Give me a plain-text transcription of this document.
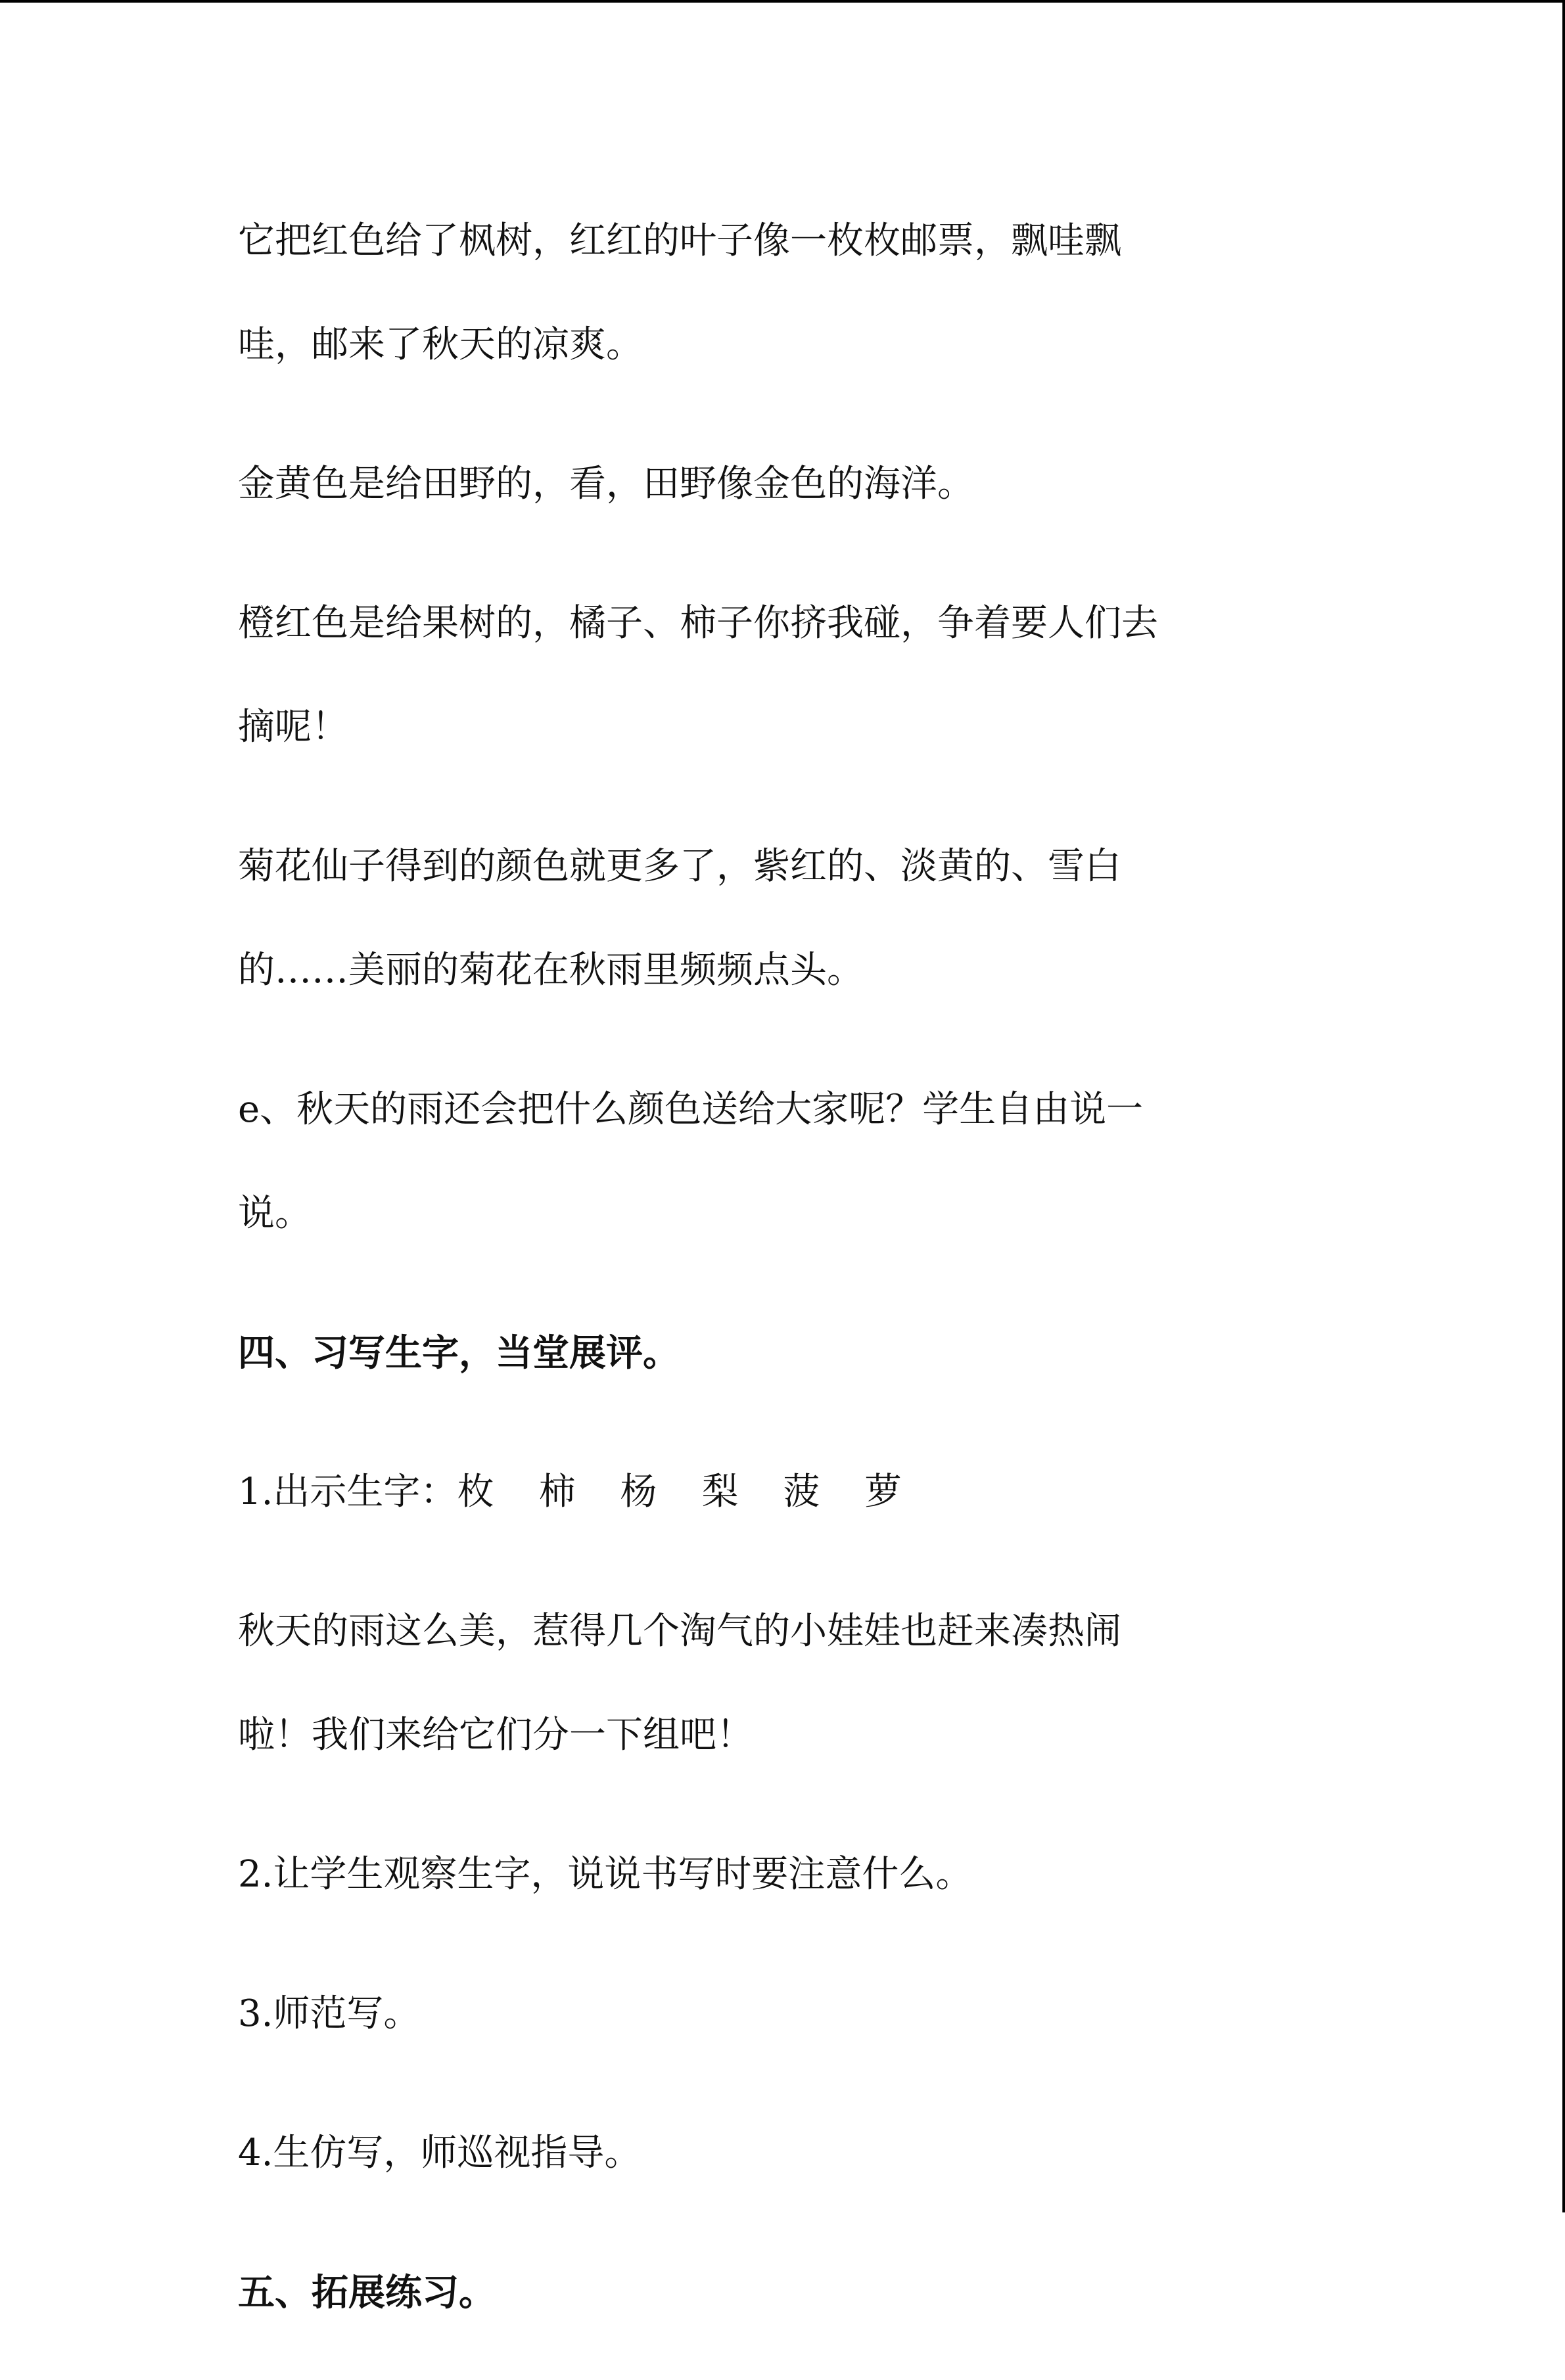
它把红色给了枫树，红红的叶子像一枚枚邮票，飘哇飘
哇，邮来了秋天的凉爽。

金黄色是给田野的，看，田野像金色的海洋。

橙红色是给果树的，橘子、柿子你挤我碰，争着要人们去
摘呢！

菊花仙子得到的颜色就更多了，紫红的、淡黄的、雪白
的……美丽的菊花在秋雨里频频点头。

e、秋天的雨还会把什么颜色送给大家呢？学生自由说一
说。

四、习写生字，当堂展评。

1.出示生字：枚 柿 杨 梨 菠 萝

秋天的雨这么美，惹得几个淘气的小娃娃也赶来凑热闹
啦！我们来给它们分一下组吧！

2.让学生观察生字，说说书写时要注意什么。

3.师范写。

4.生仿写，师巡视指导。

五、拓展练习。
